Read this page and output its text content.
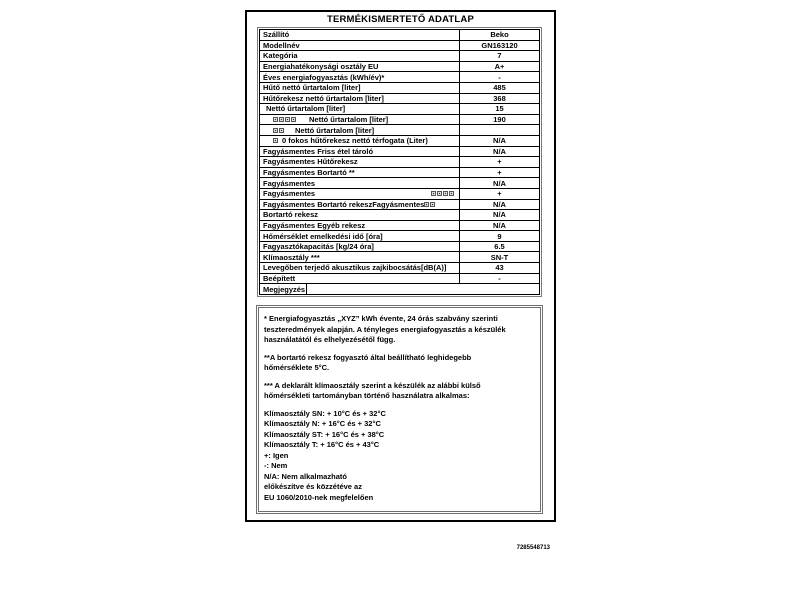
TERMÉKISMERTETŐ ADATLAP
Szállító	Beko
Modellnév	GN163120
Kategória	7
Energiahatékonysági osztály EU	A+
Éves energiafogyasztás (kWh/év)*	-
Hűtő nettó űrtartalom [liter]	485
Hűtőrekesz nettó űrtartalom [liter]	368
Nettó űrtartalom [liter]	15
Nettó űrtartalom [liter]	190
Nettó űrtartalom [liter]
0 fokos hűtőrekesz nettó térfogata (Liter)	N/A
Fagyásmentes Friss étel tároló	N/A
Fagyásmentes Hűtőrekesz	+
Fagyásmentes Bortartó **	+
Fagyásmentes	N/A
Fagyásmentes	+
Fagyásmentes Bortartó rekeszFagyásmentes	N/A
Bortartó rekesz	N/A
Fagyásmentes Egyéb rekesz	N/A
Hőmérséklet emelkedési idő [óra]	9
Fagyasztókapacitás [kg/24 óra]	6.5
Klímaosztály ***	SN-T
Levegőben terjedő akusztikus zajkibocsátás[dB(A)]	43
Beépített	-
Megjegyzés
* Energiafogyasztás „XYZ” kWh évente, 24 órás szabvány szerinti
teszteredmények alapján. A tényleges energiafogyasztás a készülék
használatától és elhelyezésétől függ.
**A bortartó rekesz fogyasztó által beállítható leghidegebb
hőmérséklete 5°C.
*** A deklarált klímaosztály szerint a készülék az alábbi külső
hőmérsékleti tartományban történő használatra alkalmas:
Klímaosztály SN: + 10°C és + 32°C
Klímaosztály N: + 16°C és + 32°C
Klímaosztály ST: + 16°C és + 38°C
Klímaosztály T: + 16°C és + 43°C
+: Igen
-: Nem
N/A: Nem alkalmazható
előkészítve és közzétéve az
EU 1060/2010-nek megfelelően
7285548713
